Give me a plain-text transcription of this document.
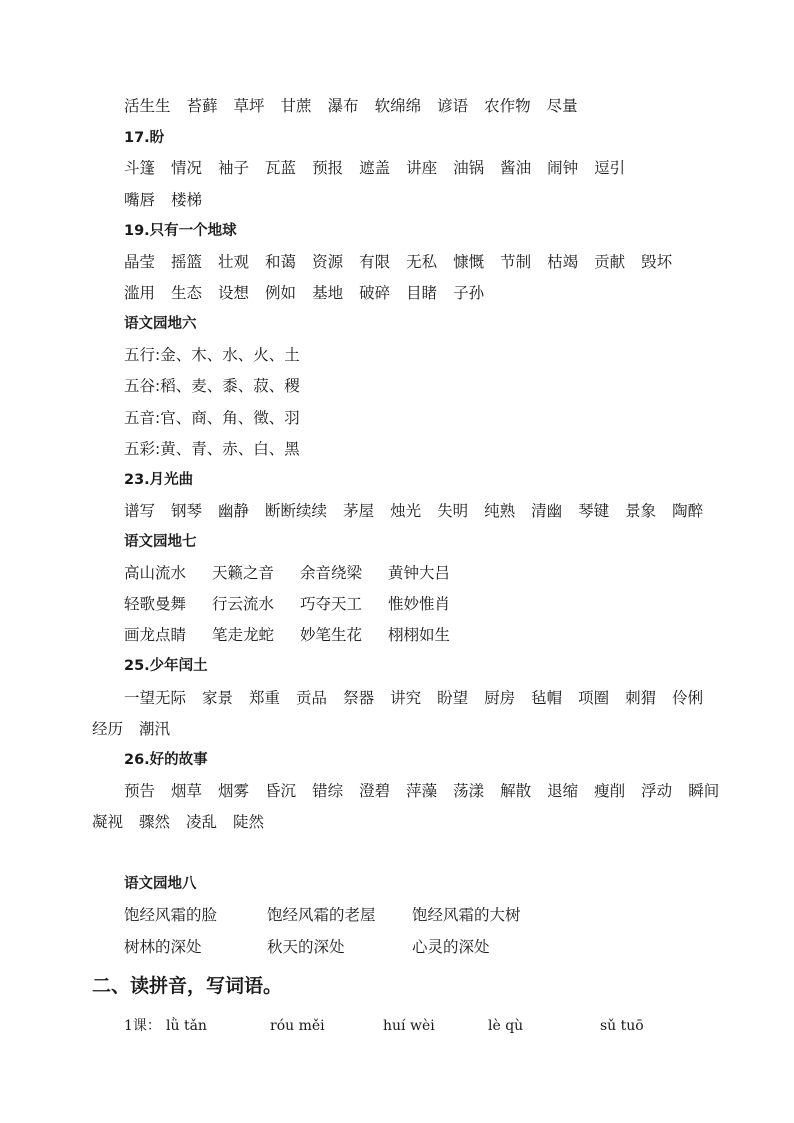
活生生 苔藓 草坪 甘蔗 瀑布 软绵绵 谚语 农作物 尽量
17.盼
斗篷 情况 袖子 瓦蓝 预报 遮盖 讲座 油锅 酱油 闹钟 逗引
嘴唇 楼梯
19.只有一个地球
晶莹 摇篮 壮观 和蔼 资源 有限 无私 慷慨 节制 枯竭 贡献 毁坏
滥用 生态 设想 例如 基地 破碎 目睹 子孙
语文园地六
五行:金、木、水、火、土
五谷:稻、麦、黍、菽、稷
五音:官、商、角、徵、羽
五彩:黄、青、赤、白、黑
23.月光曲
谱写 钢琴 幽静 断断续续 茅屋 烛光 失明 纯熟 清幽 琴键 景象 陶醉
语文园地七
高山流水 天籁之音 余音绕梁 黄钟大吕
轻歌曼舞 行云流水 巧夺天工 惟妙惟肖
画龙点睛 笔走龙蛇 妙笔生花 栩栩如生
25.少年闰土
一望无际 家景 郑重 贡品 祭器 讲究 盼望 厨房 毡帽 项圈 刺猬 伶俐
经历 潮汛
26.好的故事
预告 烟草 烟雾 昏沉 错综 澄碧 萍藻 荡漾 解散 退缩 瘦削 浮动 瞬间
凝视 骤然 凌乱 陡然
语文园地八
饱经风霜的脸	饱经风霜的老屋 饱经风霜的大树
树林的深处	秋天的深处	心灵的深处
二、读拼音，写词语。
1课： lǜ tǎn	róu měi	huí wèi	lè qù	sǔ tuō
